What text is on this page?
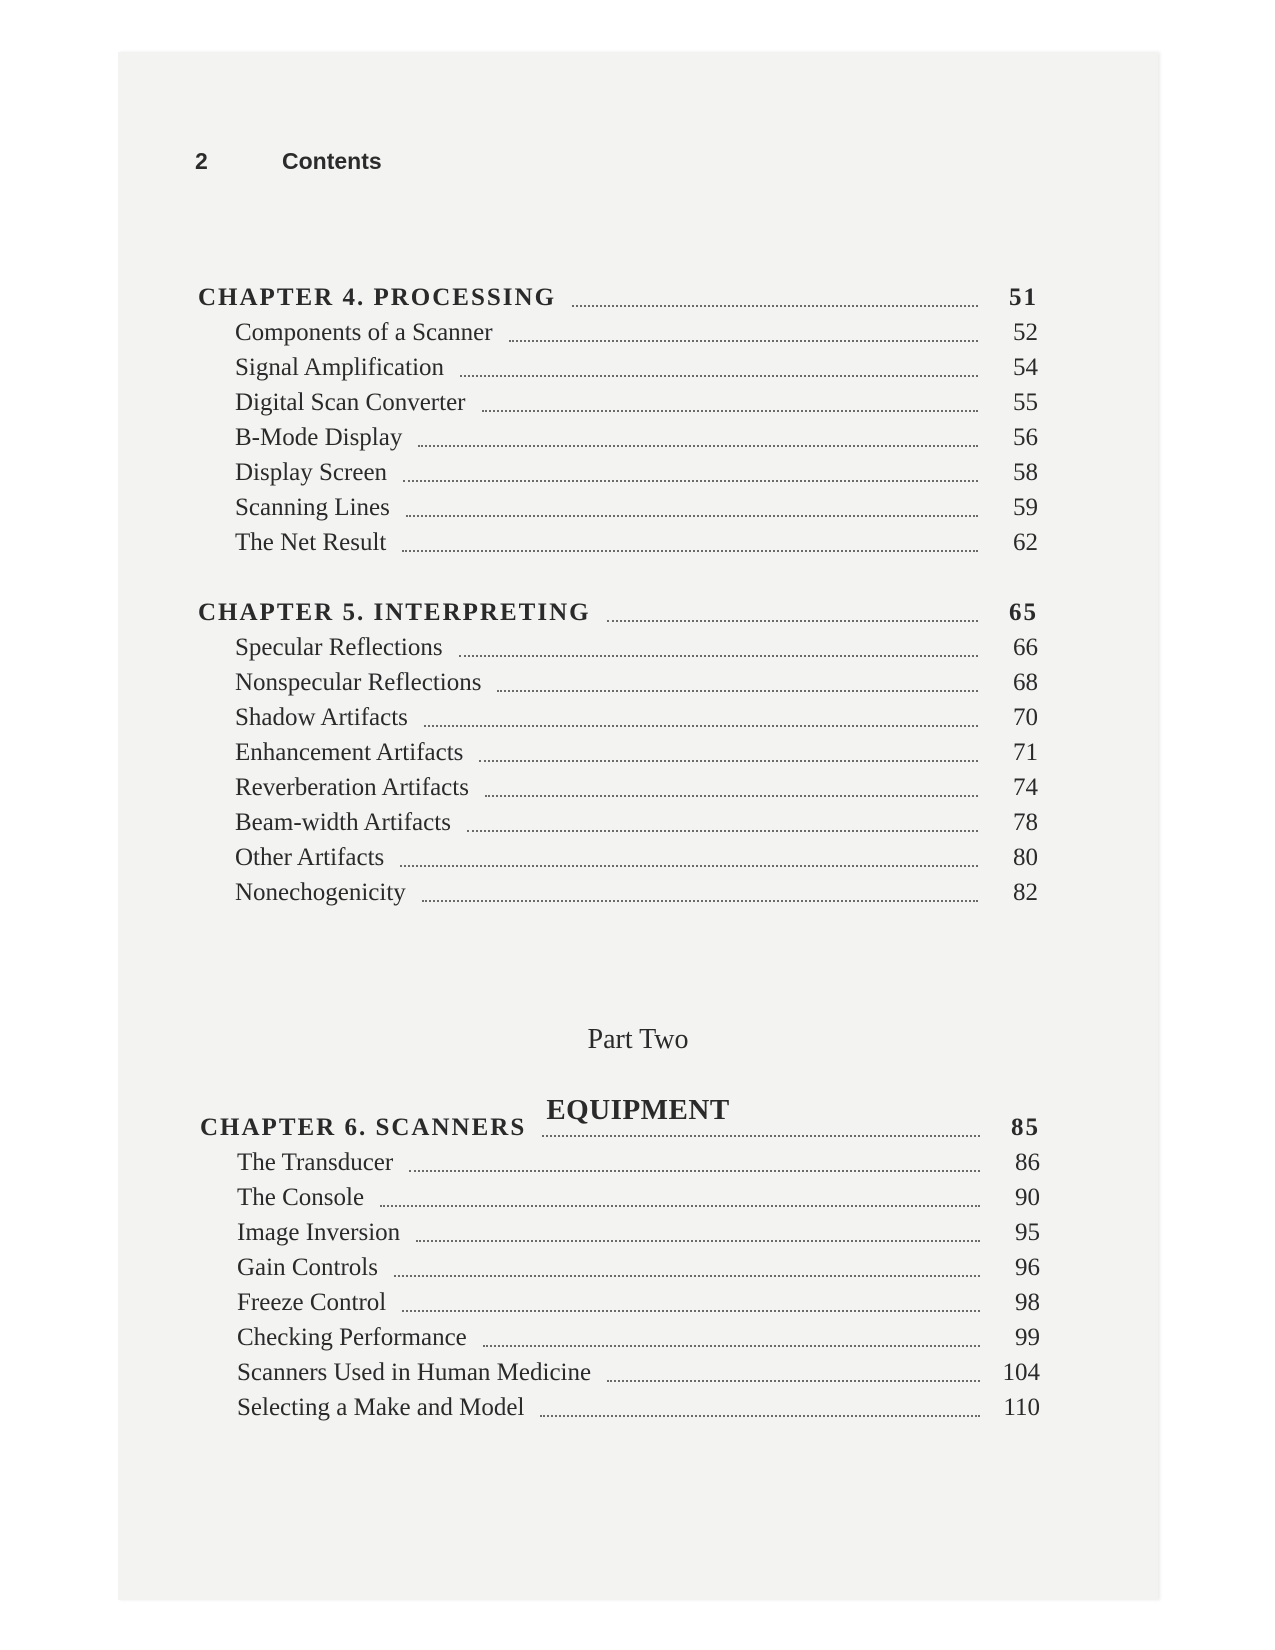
2	Contents
CHAPTER 4. PROCESSING	51
Components of a Scanner	52
Signal Amplification	54
Digital Scan Converter	55
B-Mode Display	56
Display Screen	58
Scanning Lines	59
The Net Result	62
CHAPTER 5. INTERPRETING	65
Specular Reflections	66
Nonspecular Reflections	68
Shadow Artifacts	70
Enhancement Artifacts	71
Reverberation Artifacts	74
Beam-width Artifacts	78
Other Artifacts	80
Nonechogenicity	82
Part Two
EQUIPMENT
CHAPTER 6. SCANNERS	85
The Transducer	86
The Console	90
Image Inversion	95
Gain Controls	96
Freeze Control	98
Checking Performance	99
Scanners Used in Human Medicine	104
Selecting a Make and Model	110
